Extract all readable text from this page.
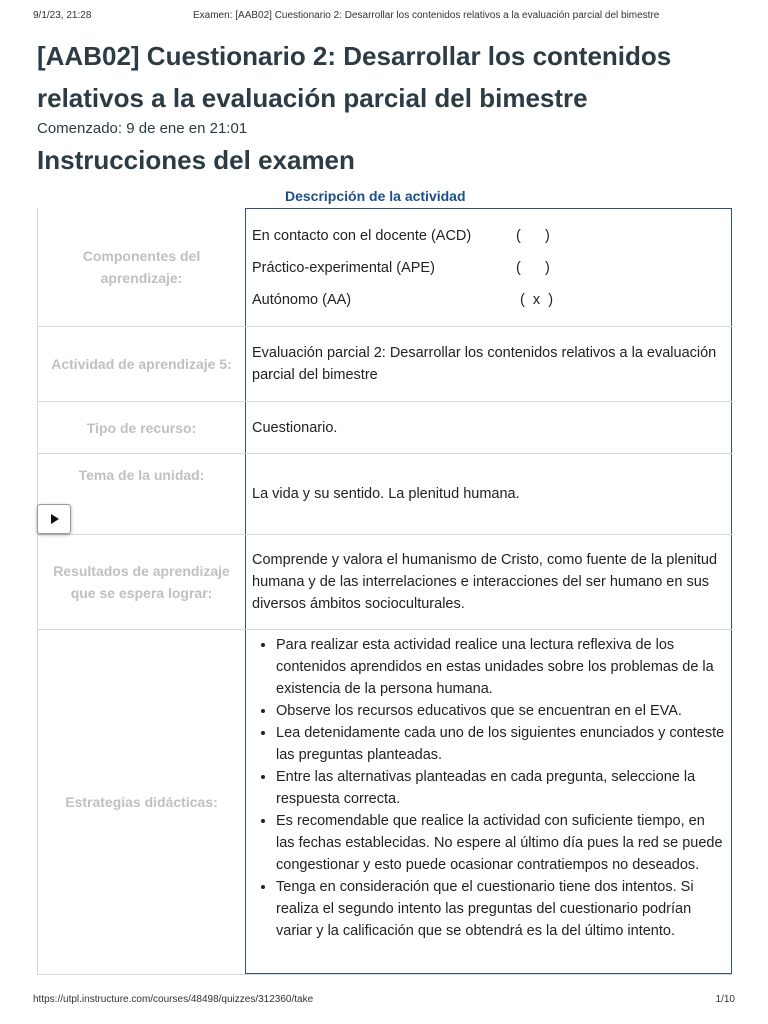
9/1/23, 21:28	Examen: [AAB02] Cuestionario 2: Desarrollar los contenidos relativos a la evaluación parcial del bimestre
[AAB02] Cuestionario 2: Desarrollar los contenidos relativos a la evaluación parcial del bimestre
Comenzado: 9 de ene en 21:01
Instrucciones del examen
Descripción de la actividad
Componentes del aprendizaje:
En contacto con el docente (ACD)	(      )
Práctico-experimental (APE)	(      )
Autónomo (AA)	(  x  )
Actividad de aprendizaje 5:
Evaluación parcial 2: Desarrollar los contenidos relativos a la evaluación parcial del bimestre
Tipo de recurso:	Cuestionario.
Tema de la unidad:
La vida y su sentido. La plenitud humana.
Resultados de aprendizaje que se espera lograr:
Comprende y valora el humanismo de Cristo, como fuente de la plenitud humana y de las interrelaciones e interacciones del ser humano en sus diversos ámbitos socioculturales.
Estrategias didácticas:
• Para realizar esta actividad realice una lectura reflexiva de los contenidos aprendidos en estas unidades sobre los problemas de la existencia de la persona humana.
• Observe los recursos educativos que se encuentran en el EVA.
• Lea detenidamente cada uno de los siguientes enunciados y conteste las preguntas planteadas.
• Entre las alternativas planteadas en cada pregunta, seleccione la respuesta correcta.
• Es recomendable que realice la actividad con suficiente tiempo, en las fechas establecidas. No espere al último día pues la red se puede congestionar y esto puede ocasionar contratiempos no deseados.
• Tenga en consideración que el cuestionario tiene dos intentos. Si realiza el segundo intento las preguntas del cuestionario podrían variar y la calificación que se obtendrá es la del último intento.
https://utpl.instructure.com/courses/48498/quizzes/312360/take	1/10
